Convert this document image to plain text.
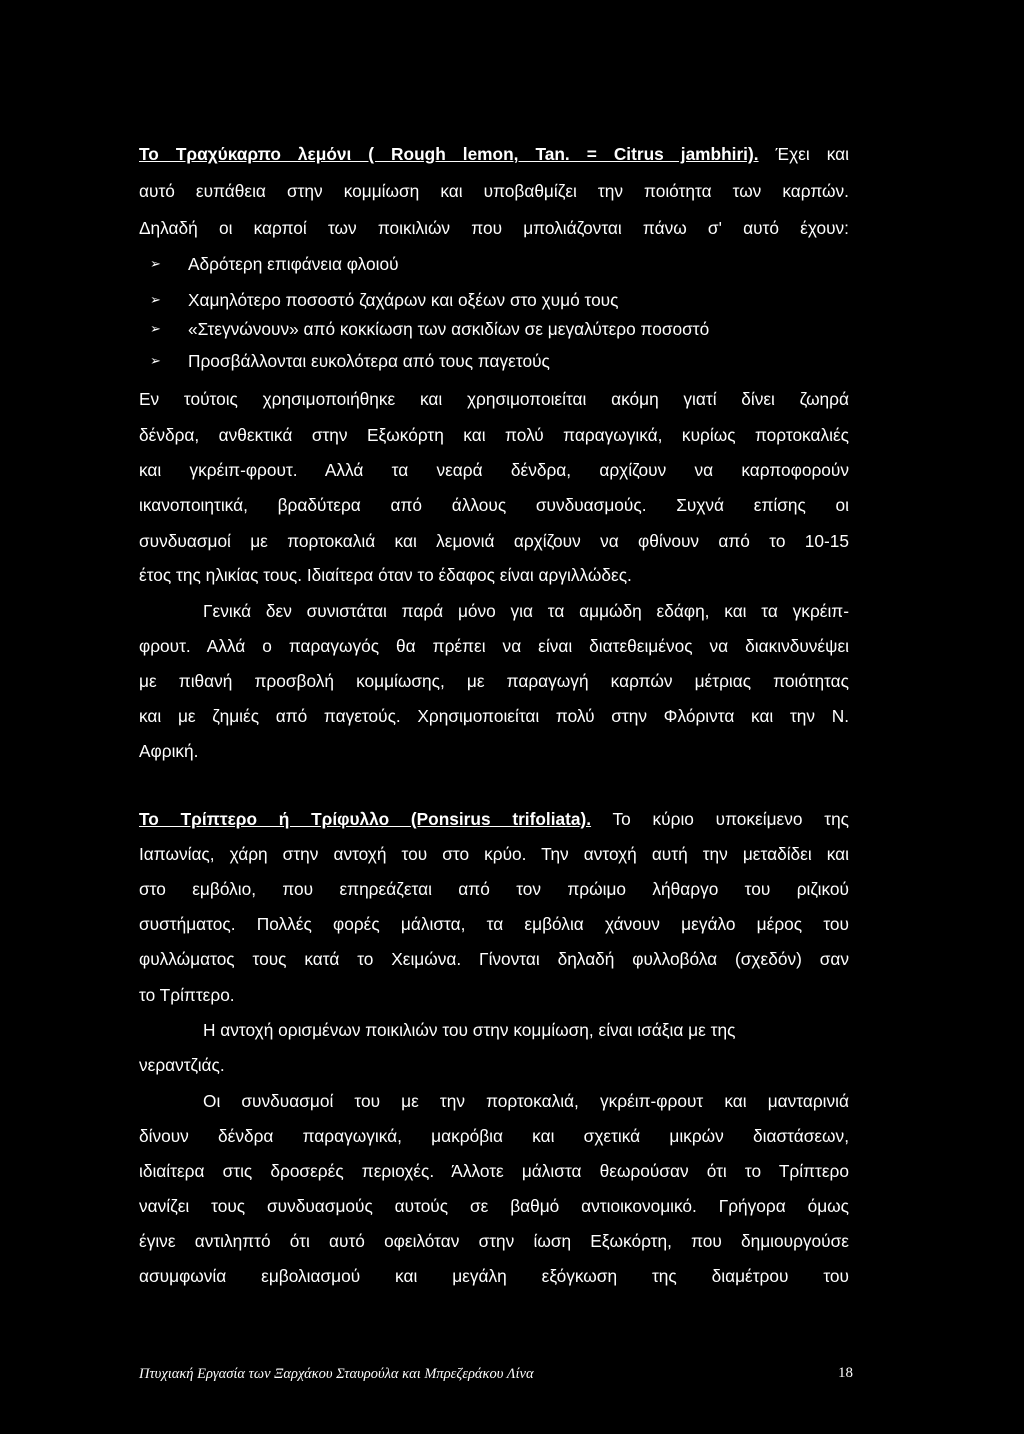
Το Τραχύκαρπο λεμόνι ( Rough lemon, Tan. = Citrus jambhiri). Έχει και
αυτό ευπάθεια στην κομμίωση και υποβαθμίζει την ποιότητα των καρπών.
Δηλαδή οι καρποί των ποικιλιών που μπολιάζονται πάνω σ' αυτό έχουν:
➢ Αδρότερη επιφάνεια φλοιού
➢ Χαμηλότερο ποσοστό ζαχάρων και οξέων στο χυμό τους
➢ «Στεγνώνουν» από κοκκίωση των ασκιδίων σε μεγαλύτερο ποσοστό
➢ Προσβάλλονται ευκολότερα από τους παγετούς
Εν τούτοις χρησιμοποιήθηκε και χρησιμοποιείται ακόμη γιατί δίνει ζωηρά
δένδρα, ανθεκτικά στην Εξωκόρτη και πολύ παραγωγικά, κυρίως πορτοκαλιές
και γκρέιπ-φρουτ. Αλλά τα νεαρά δένδρα, αρχίζουν να καρποφορούν
ικανοποιητικά, βραδύτερα από άλλους συνδυασμούς. Συχνά επίσης οι
συνδυασμοί με πορτοκαλιά και λεμονιά αρχίζουν να φθίνουν από το 10-15
έτος της ηλικίας τους. Ιδιαίτερα όταν το έδαφος είναι αργιλλώδες.
Γενικά δεν συνιστάται παρά μόνο για τα αμμώδη εδάφη, και τα γκρέιπ-
φρουτ. Αλλά ο παραγωγός θα πρέπει να είναι διατεθειμένος να διακινδυνέψει
με πιθανή προσβολή κομμίωσης, με παραγωγή καρπών μέτριας ποιότητας
και με ζημιές από παγετούς. Χρησιμοποιείται πολύ στην Φλόριντα και την Ν.
Αφρική.
Το Τρίπτερο ή Τρίφυλλο (Ponsirus trifoliata). Το κύριο υποκείμενο της
Ιαπωνίας, χάρη στην αντοχή του στο κρύο. Την αντοχή αυτή την μεταδίδει και
στο εμβόλιο, που επηρεάζεται από τον πρώιμο λήθαργο του ριζικού
συστήματος. Πολλές φορές μάλιστα, τα εμβόλια χάνουν μεγάλο μέρος του
φυλλώματος τους κατά το Χειμώνα. Γίνονται δηλαδή φυλλοβόλα (σχεδόν) σαν
το Τρίπτερο.
Η αντοχή ορισμένων ποικιλιών του στην κομμίωση, είναι ισάξια με της
νεραντζιάς.
Οι συνδυασμοί του με την πορτοκαλιά, γκρέιπ-φρουτ και μανταρινιά
δίνουν δένδρα παραγωγικά, μακρόβια και σχετικά μικρών διαστάσεων,
ιδιαίτερα στις δροσερές περιοχές. Άλλοτε μάλιστα θεωρούσαν ότι το Τρίπτερο
νανίζει τους συνδυασμούς αυτούς σε βαθμό αντιοικονομικό. Γρήγορα όμως
έγινε αντιληπτό ότι αυτό οφειλόταν στην ίωση Εξωκόρτη, που δημιουργούσε
ασυμφωνία εμβολιασμού και μεγάλη εξόγκωση της διαμέτρου του
Πτυχιακή Εργασία των Ξαρχάκου Σταυρούλα και Μπρεζεράκου Λίνα	18
